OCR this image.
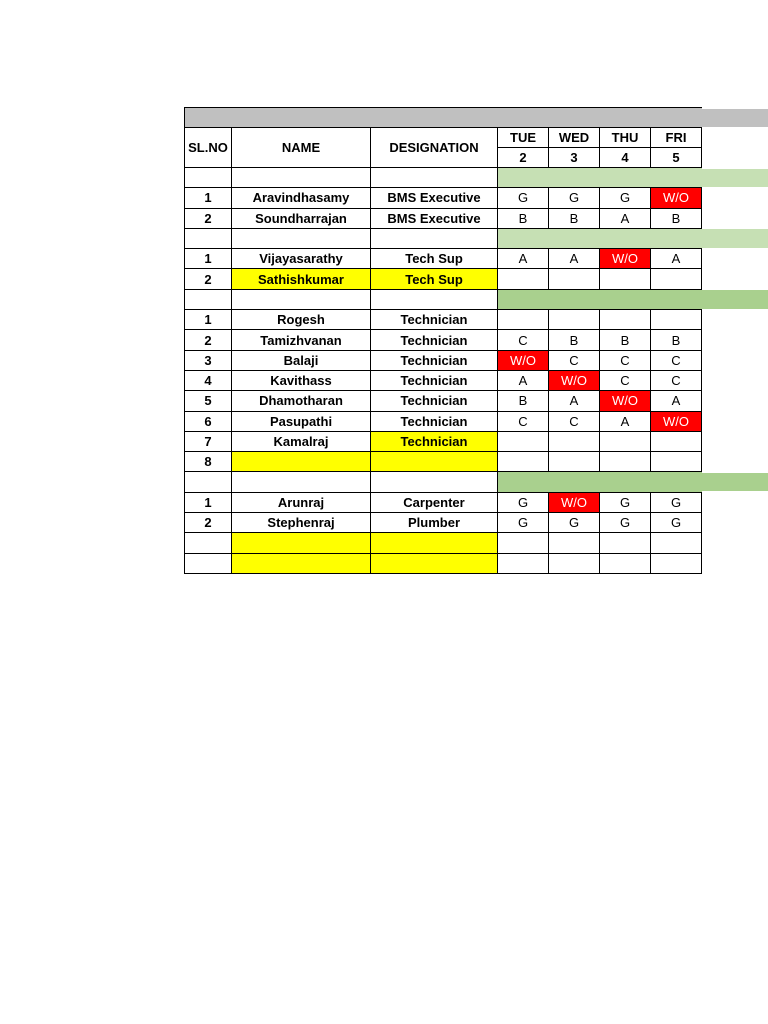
SL.NO	NAME	DESIGNATION	TUE	WED	THU	FRI
			2	3	4	5

1	Aravindhasamy	BMS Executive	G	G	G	W/O
2	Soundharrajan	BMS Executive	B	B	A	B

1	Vijayasarathy	Tech Sup	A	A	W/O	A
2	Sathishkumar	Tech Sup				

1	Rogesh	Technician				
2	Tamizhvanan	Technician	C	B	B	B
3	Balaji	Technician	W/O	C	C	C
4	Kavithass	Technician	A	W/O	C	C
5	Dhamotharan	Technician	B	A	W/O	A
6	Pasupathi	Technician	C	C	A	W/O
7	Kamalraj	Technician				
8						

1	Arunraj	Carpenter	G	W/O	G	G
2	Stephenraj	Plumber	G	G	G	G
